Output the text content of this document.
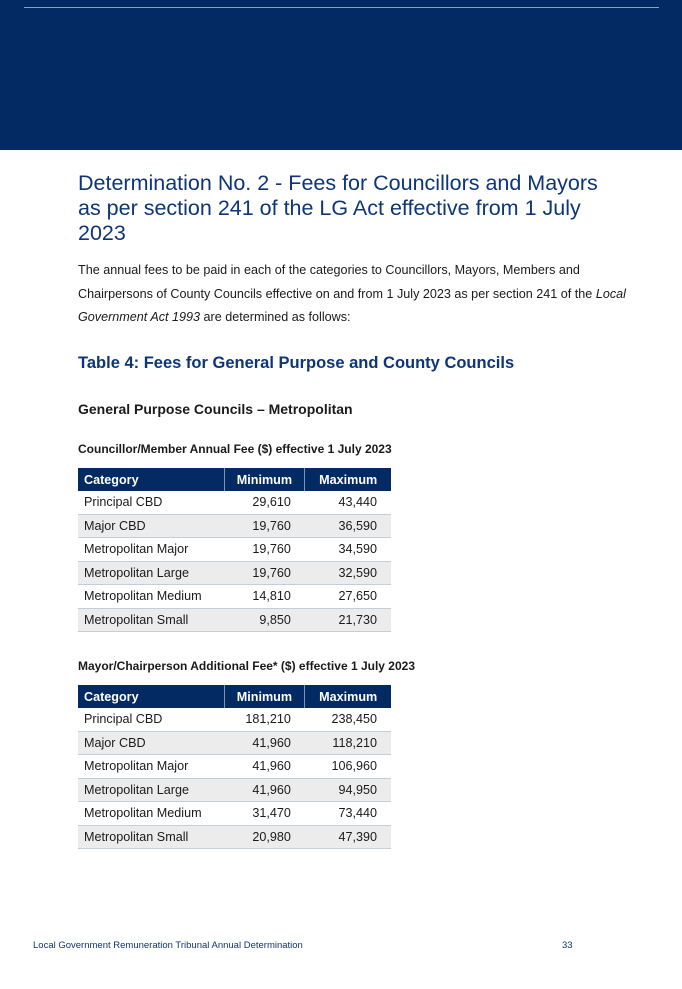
Determination No. 2 - Fees for Councillors and Mayors as per section 241 of the LG Act effective from 1 July 2023

The annual fees to be paid in each of the categories to Councillors, Mayors, Members and Chairpersons of County Councils effective on and from 1 July 2023 as per section 241 of the Local Government Act 1993 are determined as follows:

Table 4: Fees for General Purpose and County Councils
General Purpose Councils – Metropolitan
Councillor/Member Annual Fee ($) effective 1 July 2023
Category	Minimum	Maximum
Principal CBD	29,610	43,440
Major CBD	19,760	36,590
Metropolitan Major	19,760	34,590
Metropolitan Large	19,760	32,590
Metropolitan Medium	14,810	27,650
Metropolitan Small	9,850	21,730
Mayor/Chairperson Additional Fee* ($) effective 1 July 2023
Category	Minimum	Maximum
Principal CBD	181,210	238,450
Major CBD	41,960	118,210
Metropolitan Major	41,960	106,960
Metropolitan Large	41,960	94,950
Metropolitan Medium	31,470	73,440
Metropolitan Small	20,980	47,390
Local Government Remuneration Tribunal Annual Determination	33
